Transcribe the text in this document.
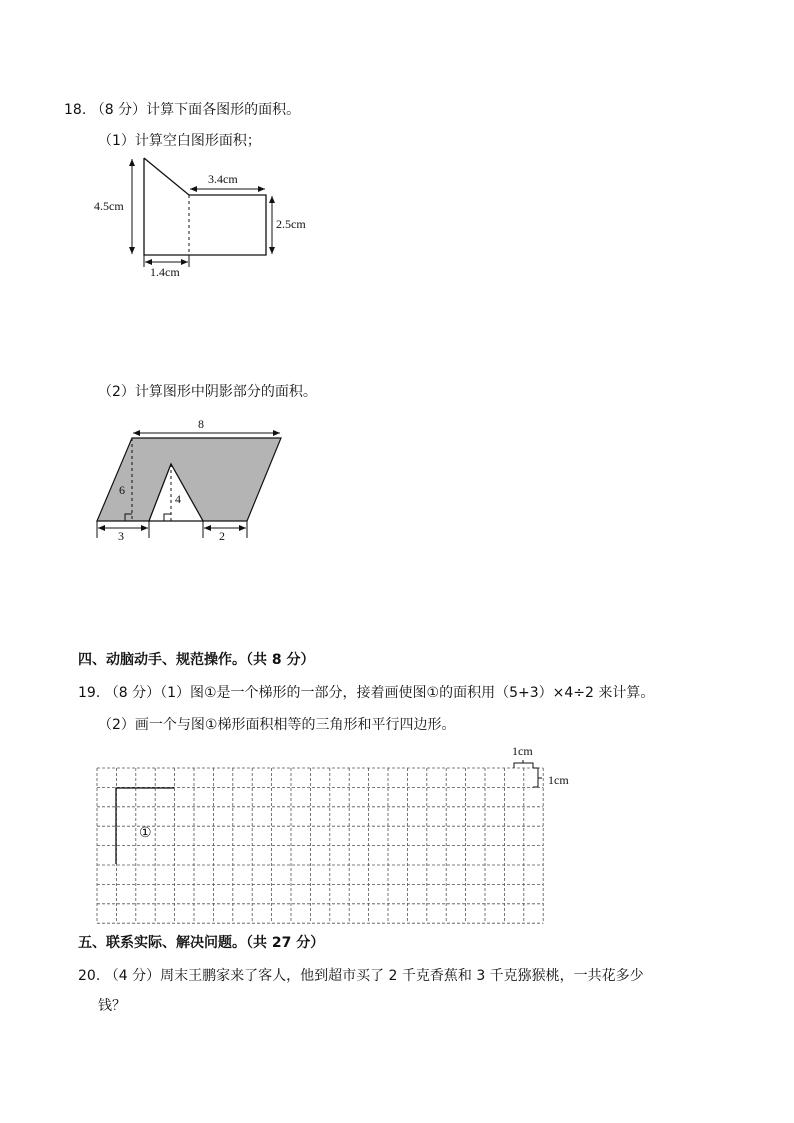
18. （8 分）计算下面各图形的面积。
（1）计算空白图形面积；
4.5cm
3.4cm
2.5cm
1.4cm
（2）计算图形中阴影部分的面积。
8
6
4
3	2
四、动脑动手、规范操作。（共 8 分）
19. （8 分）（1）图①是一个梯形的一部分，接着画使图①的面积用（5+3）×4÷2 来计算。
（2）画一个与图①梯形面积相等的三角形和平行四边形。
①
1cm
1cm
五、联系实际、解决问题。（共 27 分）
20. （4 分）周末王鹏家来了客人，他到超市买了 2 千克香蕉和 3 千克猕猴桃，一共花多少
钱？
